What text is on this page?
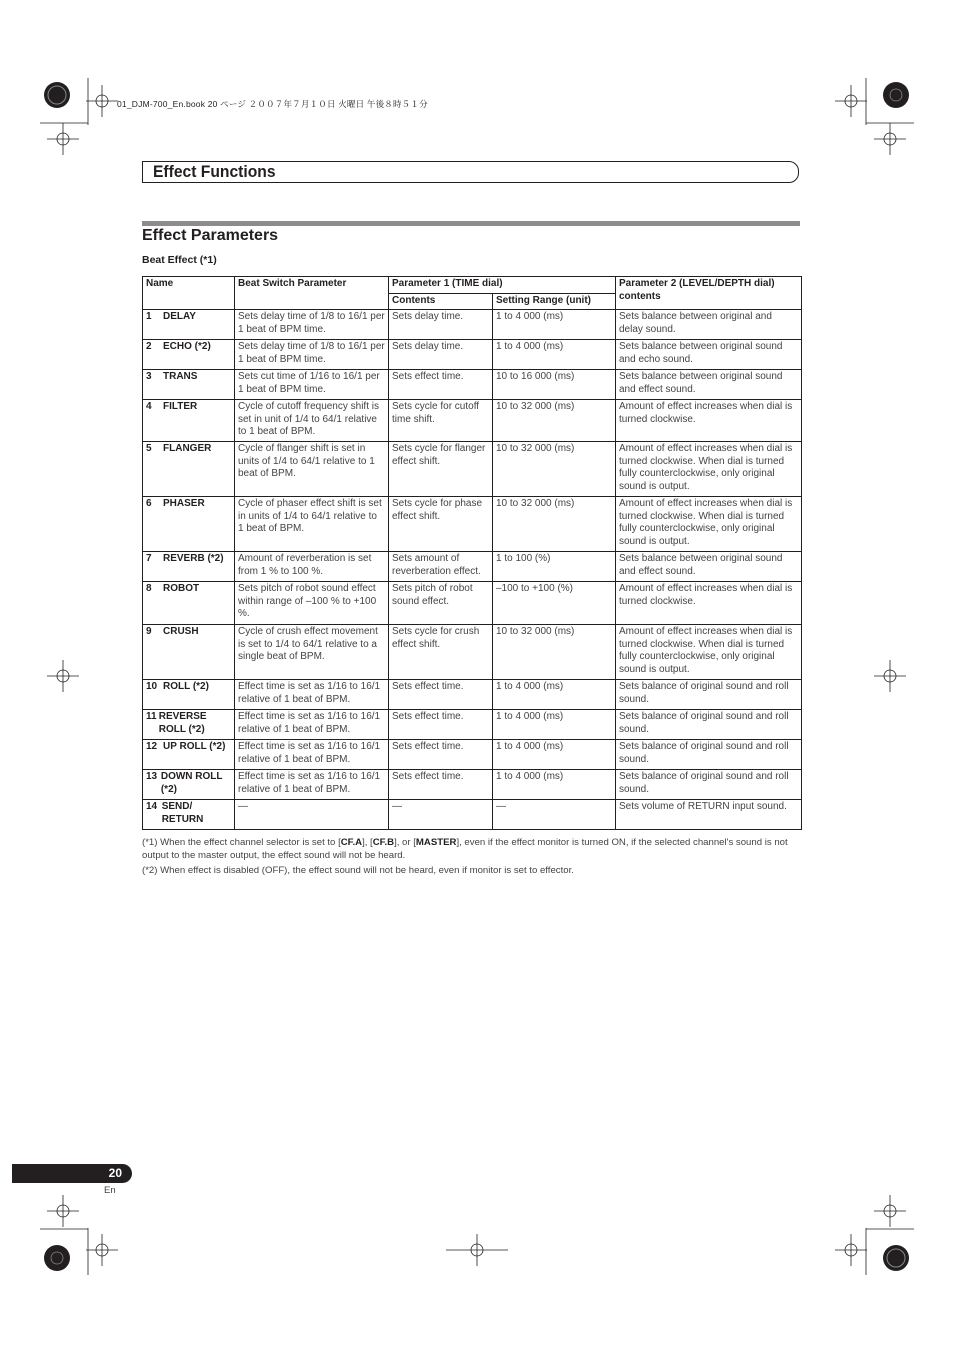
01_DJM-700_En.book 20 ページ ２００７年７月１０日 火曜日 午後８時５１分
Effect Functions
Effect Parameters
Beat Effect (*1)
Name	Beat Switch Parameter	Parameter 1 (TIME dial)		Parameter 2 (LEVEL/DEPTH dial) contents
		Contents	Setting Range (unit)	

1 DELAY	Sets delay time of 1/8 to 16/1 per 1 beat of BPM time.	Sets delay time.	1 to 4 000 (ms)	Sets balance between original and delay sound.

2 ECHO (*2)	Sets delay time of 1/8 to 16/1 per 1 beat of BPM time.	Sets delay time.	1 to 4 000 (ms)	Sets balance between original sound and echo sound.

3 TRANS	Sets cut time of 1/16 to 16/1 per 1 beat of BPM time.	Sets effect time.	10 to 16 000 (ms)	Sets balance between original sound and effect sound.

4 FILTER	Cycle of cutoff frequency shift is set in unit of 1/4 to 64/1 relative to 1 beat of BPM.	Sets cycle for cutoff time shift.	10 to 32 000 (ms)	Amount of effect increases when dial is turned clockwise.

5 FLANGER	Cycle of flanger shift is set in units of 1/4 to 64/1 relative to 1 beat of BPM.	Sets cycle for flanger effect shift.	10 to 32 000 (ms)	Amount of effect increases when dial is turned clockwise. When dial is turned fully counterclockwise, only original sound is output.

6 PHASER	Cycle of phaser effect shift is set in units of 1/4 to 64/1 relative to 1 beat of BPM.	Sets cycle for phase effect shift.	10 to 32 000 (ms)	Amount of effect increases when dial is turned clockwise. When dial is turned fully counterclockwise, only original sound is output.

7 REVERB (*2)	Amount of reverberation is set from 1 % to 100 %.	Sets amount of reverberation effect.	1 to 100 (%)	Sets balance between original sound and effect sound.

8 ROBOT	Sets pitch of robot sound effect within range of –100 % to +100 %.	Sets pitch of robot sound effect.	–100 to +100 (%)	Amount of effect increases when dial is turned clockwise.

9 CRUSH	Cycle of crush effect movement is set to 1/4 to 64/1 relative to a single beat of BPM.	Sets cycle for crush effect shift.	10 to 32 000 (ms)	Amount of effect increases when dial is turned clockwise. When dial is turned fully counterclockwise, only original sound is output.

10 ROLL (*2)	Effect time is set as 1/16 to 16/1 relative of 1 beat of BPM.	Sets effect time.	1 to 4 000 (ms)	Sets balance of original sound and roll sound.

11 REVERSE ROLL (*2)	Effect time is set as 1/16 to 16/1 relative of 1 beat of BPM.	Sets effect time.	1 to 4 000 (ms)	Sets balance of original sound and roll sound.

12 UP ROLL (*2)	Effect time is set as 1/16 to 16/1 relative of 1 beat of BPM.	Sets effect time.	1 to 4 000 (ms)	Sets balance of original sound and roll sound.

13 DOWN ROLL (*2)	Effect time is set as 1/16 to 16/1 relative of 1 beat of BPM.	Sets effect time.	1 to 4 000 (ms)	Sets balance of original sound and roll sound.

14 SEND/ RETURN	—	—	—	Sets volume of RETURN input sound.
(*1) When the effect channel selector is set to [CF.A], [CF.B], or [MASTER], even if the effect monitor is turned ON, if the selected channel's sound is not output to the master output, the effect sound will not be heard.
(*2) When effect is disabled (OFF), the effect sound will not be heard, even if monitor is set to effector.
20
En
